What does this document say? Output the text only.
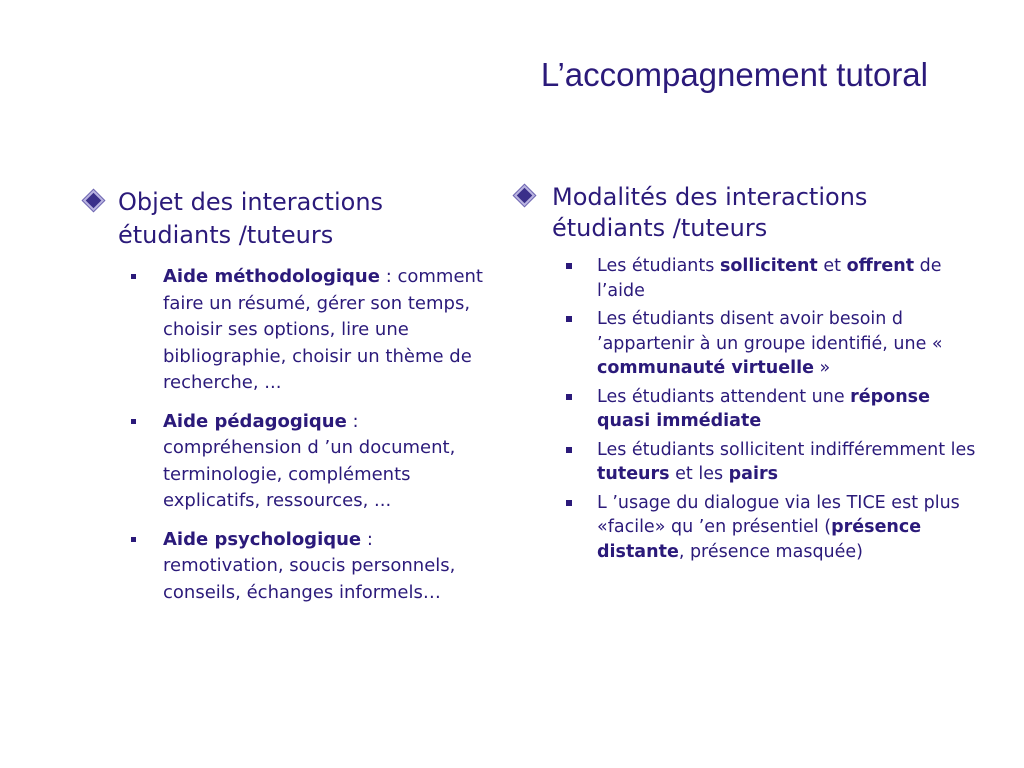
L’accompagnement tutoral
Objet des interactions étudiants /tuteurs
Aide méthodologique : comment faire un résumé, gérer son temps, choisir ses options, lire une bibliographie, choisir un thème de recherche, ...
Aide pédagogique : compréhension d ’un document, terminologie, compléments explicatifs, ressources, ...
Aide psychologique : remotivation, soucis personnels, conseils, échanges informels…
Modalités des interactions étudiants /tuteurs
Les étudiants sollicitent et offrent de l’aide
Les étudiants disent avoir besoin d ’appartenir à un groupe identifié, une « communauté virtuelle »
Les étudiants attendent une réponse quasi immédiate
Les étudiants sollicitent indifféremment les tuteurs et les pairs
L ’usage du dialogue via les TICE est plus «facile» qu ’en présentiel (présence distante, présence masquée)
